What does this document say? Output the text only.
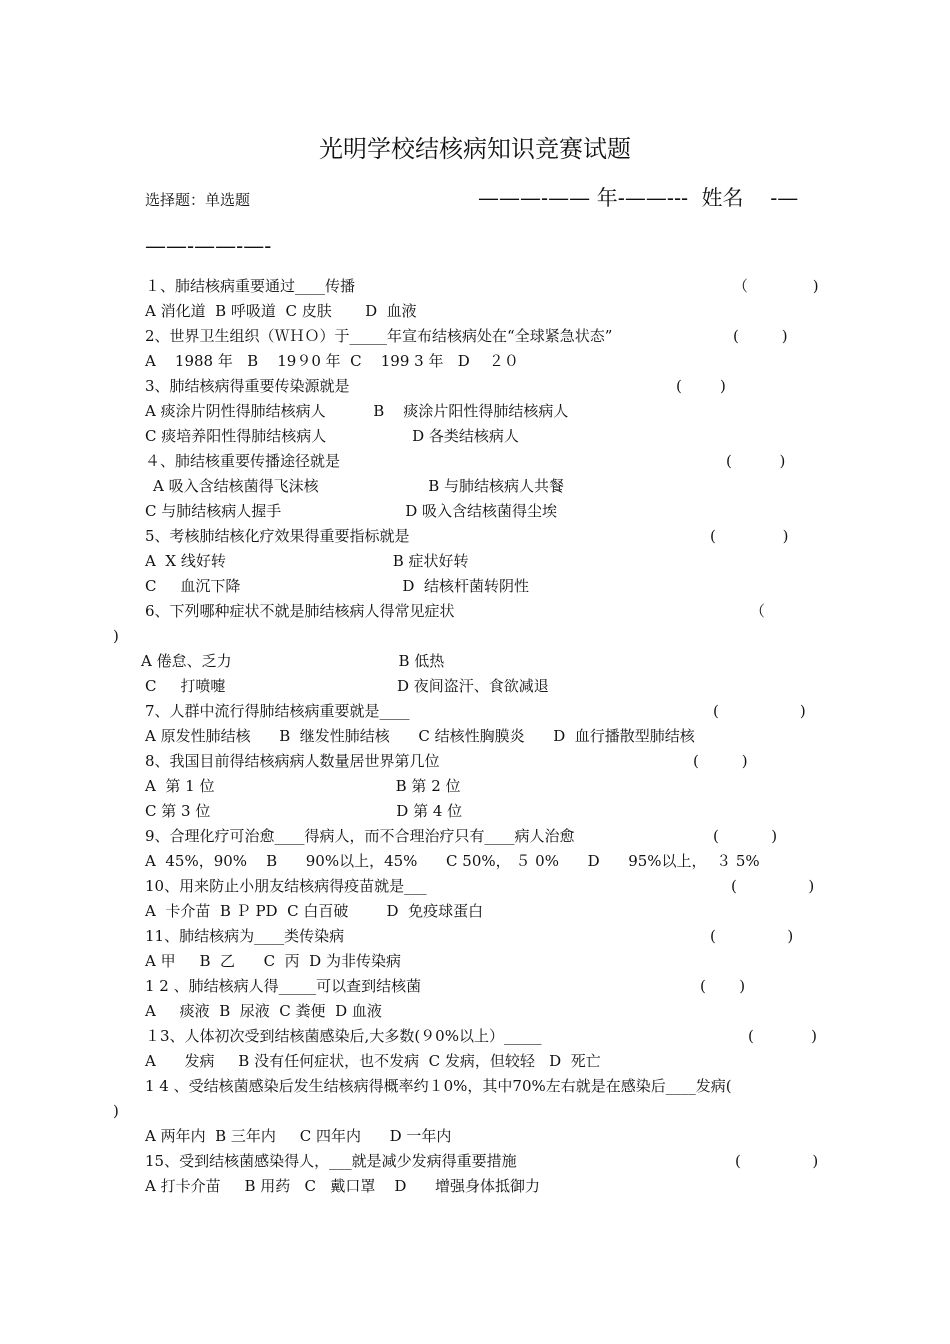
光明学校结核病知识竞赛试题
选择题：单选题	———-—— 年-——---  姓名    -—
——-——-—-
１、肺结核病重要通过____传播	（　　　　 )
A 消化道  B 呼吸道  C 皮肤       D  血液
2、世界卫生组织（ＷＨＯ）于_____年宣布结核病处在“全球紧急状态”	(         )
A    1988 年   B    19９0 年  C    199 3 年   D    ２０
3、肺结核病得重要传染源就是	(        )
A 痰涂片阴性得肺结核病人          B    痰涂片阳性得肺结核病人
C 痰培养阳性得肺结核病人                  D 各类结核病人
４、肺结核重要传播途径就是	(          )
A 吸入含结核菌得飞沫核                       B 与肺结核病人共餐
C 与肺结核病人握手                          D 吸入含结核菌得尘埃
5、考核肺结核化疗效果得重要指标就是	(              )
A  X 线好转                                   B 症状好转
C     血沉下降                                  D  结核杆菌转阴性
6、下列哪种症状不就是肺结核病人得常见症状	（
)
A 倦怠、乏力                                   B 低热
C     打喷嚏                                    D 夜间盗汗、食欲减退
7、人群中流行得肺结核病重要就是____	(                 )
A 原发性肺结核      B  继发性肺结核      C 结核性胸膜炎      D  血行播散型肺结核
8、我国目前得结核病病人数量居世界第几位	(         )
A  第 1 位                                      B 第 2 位
C 第 3 位                                       D 第 4 位
9、合理化疗可治愈____得病人，而不合理治疗只有____病人治愈	(           )
A  45%，90%    B      90%以上，45%      C 50%， ５ 0%      D      95%以上，  ３ 5%
10、用来防止小朋友结核病得疫苗就是___	(               )
A  卡介苗  B Ｐ PD  C 白百破        D  免疫球蛋白
11、肺结核病为____类传染病	(               )
A 甲     B  乙      C  丙  D 为非传染病
1 2 、肺结核病人得_____可以查到结核菌	(       )
A     痰液  B  尿液  C 粪便  D 血液
１3、人体初次受到结核菌感染后,大多数(９0%以上）_____	(            )
A      发病     B 没有任何症状，也不发病  C 发病，但较轻   D  死亡
1 4 、受结核菌感染后发生结核病得概率约１0%，其中70%左右就是在感染后____发病(
)
A 两年内  B 三年内     C 四年内      D 一年内
15、受到结核菌感染得人，___就是减少发病得重要措施	(               )
A 打卡介苗     B 用药   C   戴口罩    D      增强身体抵御力
